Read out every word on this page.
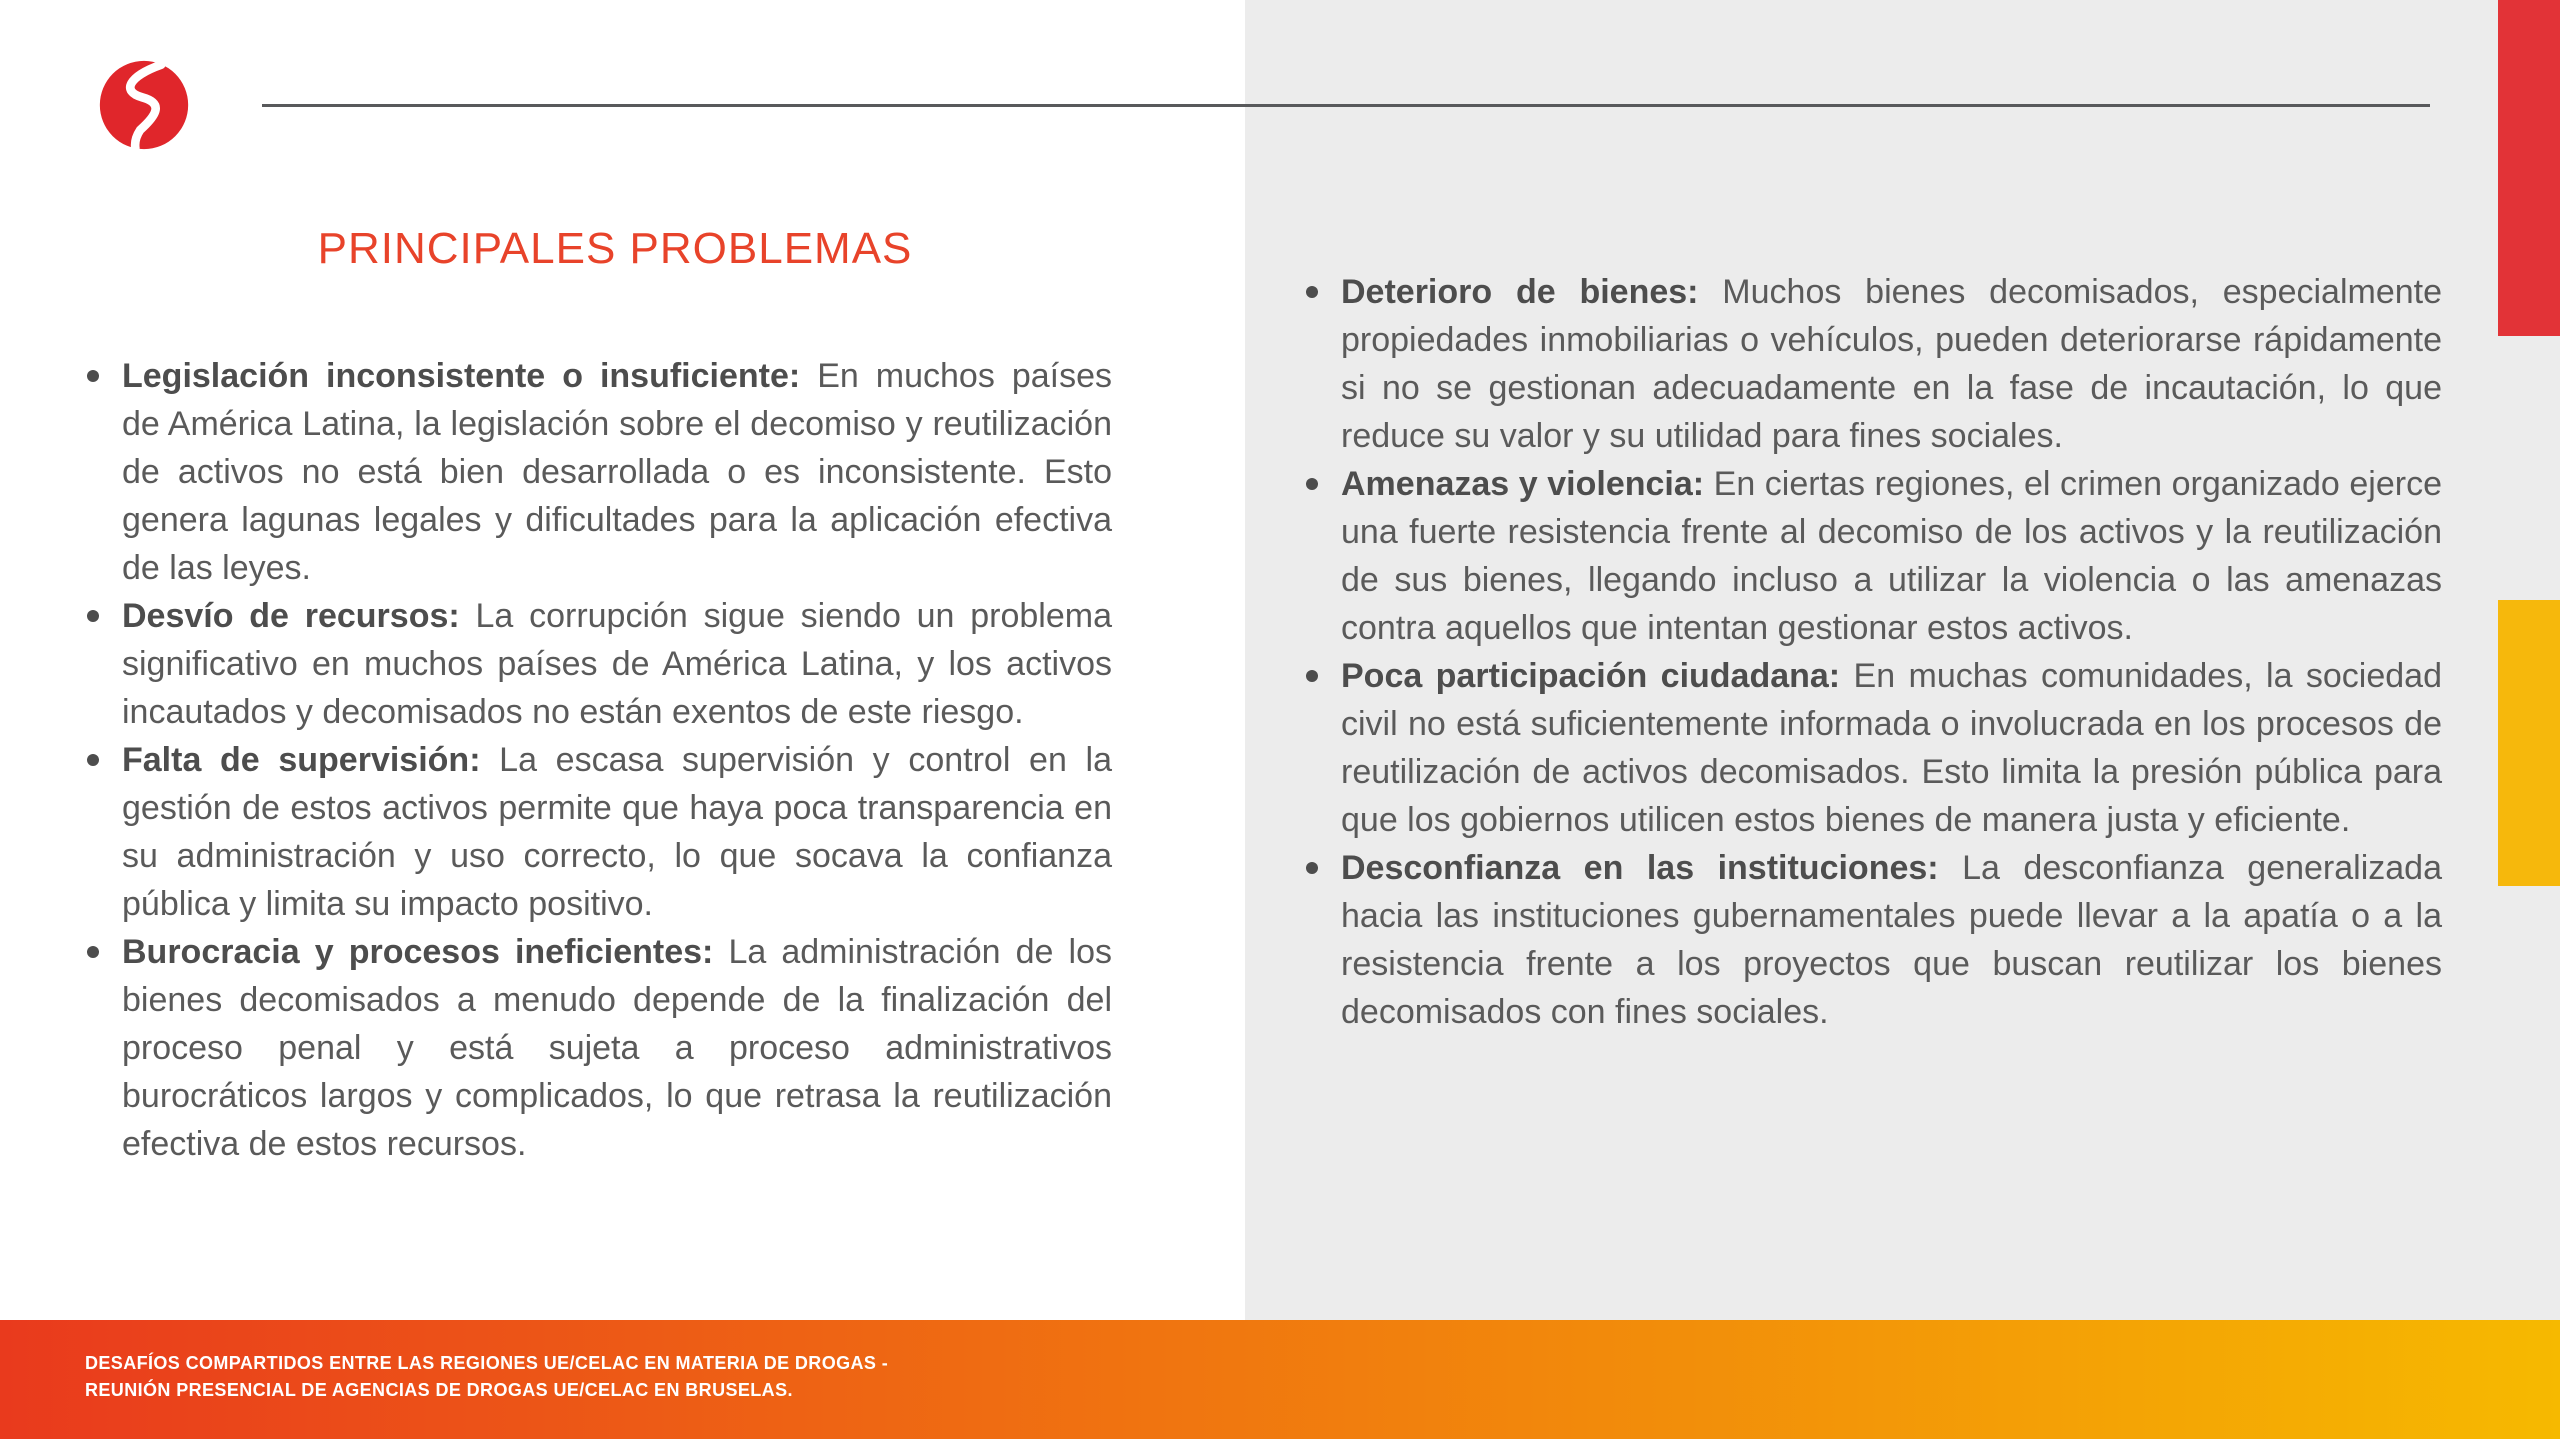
PRINCIPALES PROBLEMAS
Legislación inconsistente o insuficiente: En muchos países de América Latina, la legislación sobre el decomiso y reutilización de activos no está bien desarrollada o es inconsistente. Esto genera lagunas legales y dificultades para la aplicación efectiva de las leyes.
Desvío de recursos: La corrupción sigue siendo un problema significativo en muchos países de América Latina, y los activos incautados y decomisados no están exentos de este riesgo.
Falta de supervisión: La escasa supervisión y control en la gestión de estos activos permite que haya poca transparencia en su administración y uso correcto, lo que socava la confianza pública y limita su impacto positivo.
Burocracia y procesos ineficientes: La administración de los bienes decomisados a menudo depende de la finalización del proceso penal y está sujeta a proceso administrativos burocráticos largos y complicados, lo que retrasa la reutilización efectiva de estos recursos.
Deterioro de bienes: Muchos bienes decomisados, especialmente propiedades inmobiliarias o vehículos, pueden deteriorarse rápidamente si no se gestionan adecuadamente en la fase de incautación, lo que reduce su valor y su utilidad para fines sociales.
Amenazas y violencia: En ciertas regiones, el crimen organizado ejerce una fuerte resistencia frente al decomiso de los activos y la reutilización de sus bienes, llegando incluso a utilizar la violencia o las amenazas contra aquellos que intentan gestionar estos activos.
Poca participación ciudadana: En muchas comunidades, la sociedad civil no está suficientemente informada o involucrada en los procesos de reutilización de activos decomisados. Esto limita la presión pública para que los gobiernos utilicen estos bienes de manera justa y eficiente.
Desconfianza en las instituciones: La desconfianza generalizada hacia las instituciones gubernamentales puede llevar a la apatía o a la resistencia frente a los proyectos que buscan reutilizar los bienes decomisados con fines sociales.
DESAFÍOS COMPARTIDOS ENTRE LAS REGIONES UE/CELAC EN MATERIA DE DROGAS -
REUNIÓN PRESENCIAL DE AGENCIAS DE DROGAS UE/CELAC EN BRUSELAS.
